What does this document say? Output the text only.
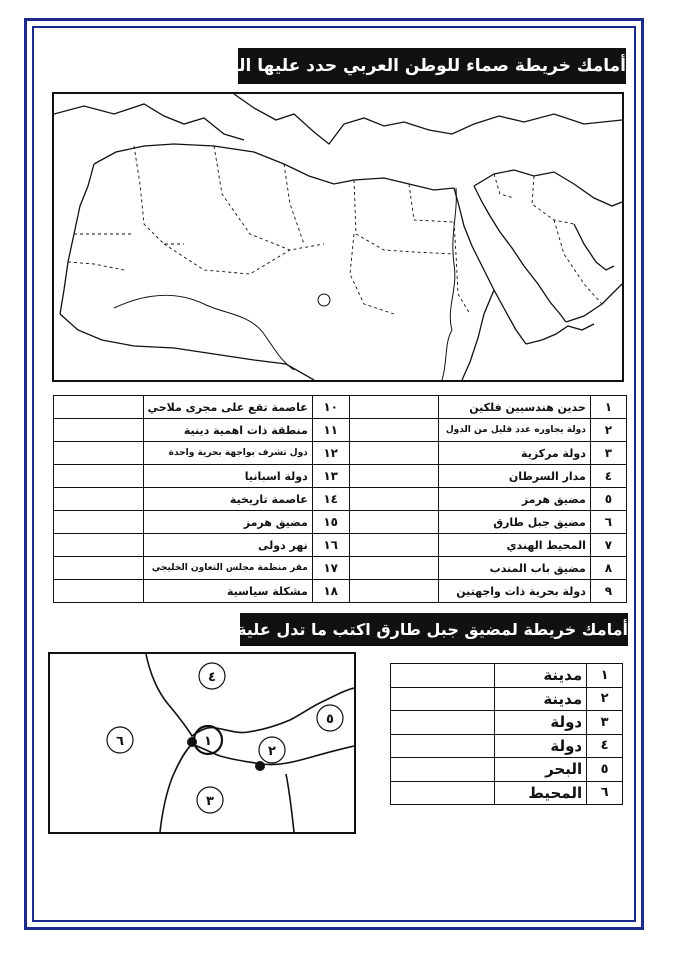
أمامك خريطة صماء للوطن العربي حدد عليها الظاهرات الآتية
١	حدين هندسيين فلكين		١٠	عاصمة تقع على مجرى ملاحي	
٢	دولة يجاوره عدد قليل من الدول		١١	منطقة ذات اهمية دينية	
٣	دولة مركزية		١٢	دول تشرف بواجهة بحرية واحدة	
٤	مدار السرطان		١٣	دولة اسبانيا	
٥	مضيق هرمز		١٤	عاصمة تاريخية	
٦	مضيق جبل طارق		١٥	مضيق هرمز	
٧	المحيط الهندي		١٦	نهر دولى	
٨	مضيق باب المندب		١٧	مقر منظمة مجلس التعاون الخليجي	
٩	دولة بحرية ذات واجهتين		١٨	مشكلة سياسية	
أمامك خريطة لمضيق جبل طارق اكتب ما تدل علية الأرقام
٤
١
٥
٦
٢
٣
١	مدينة	
٢	مدينة	
٣	دولة	
٤	دولة	
٥	البحر	
٦	المحيط	
